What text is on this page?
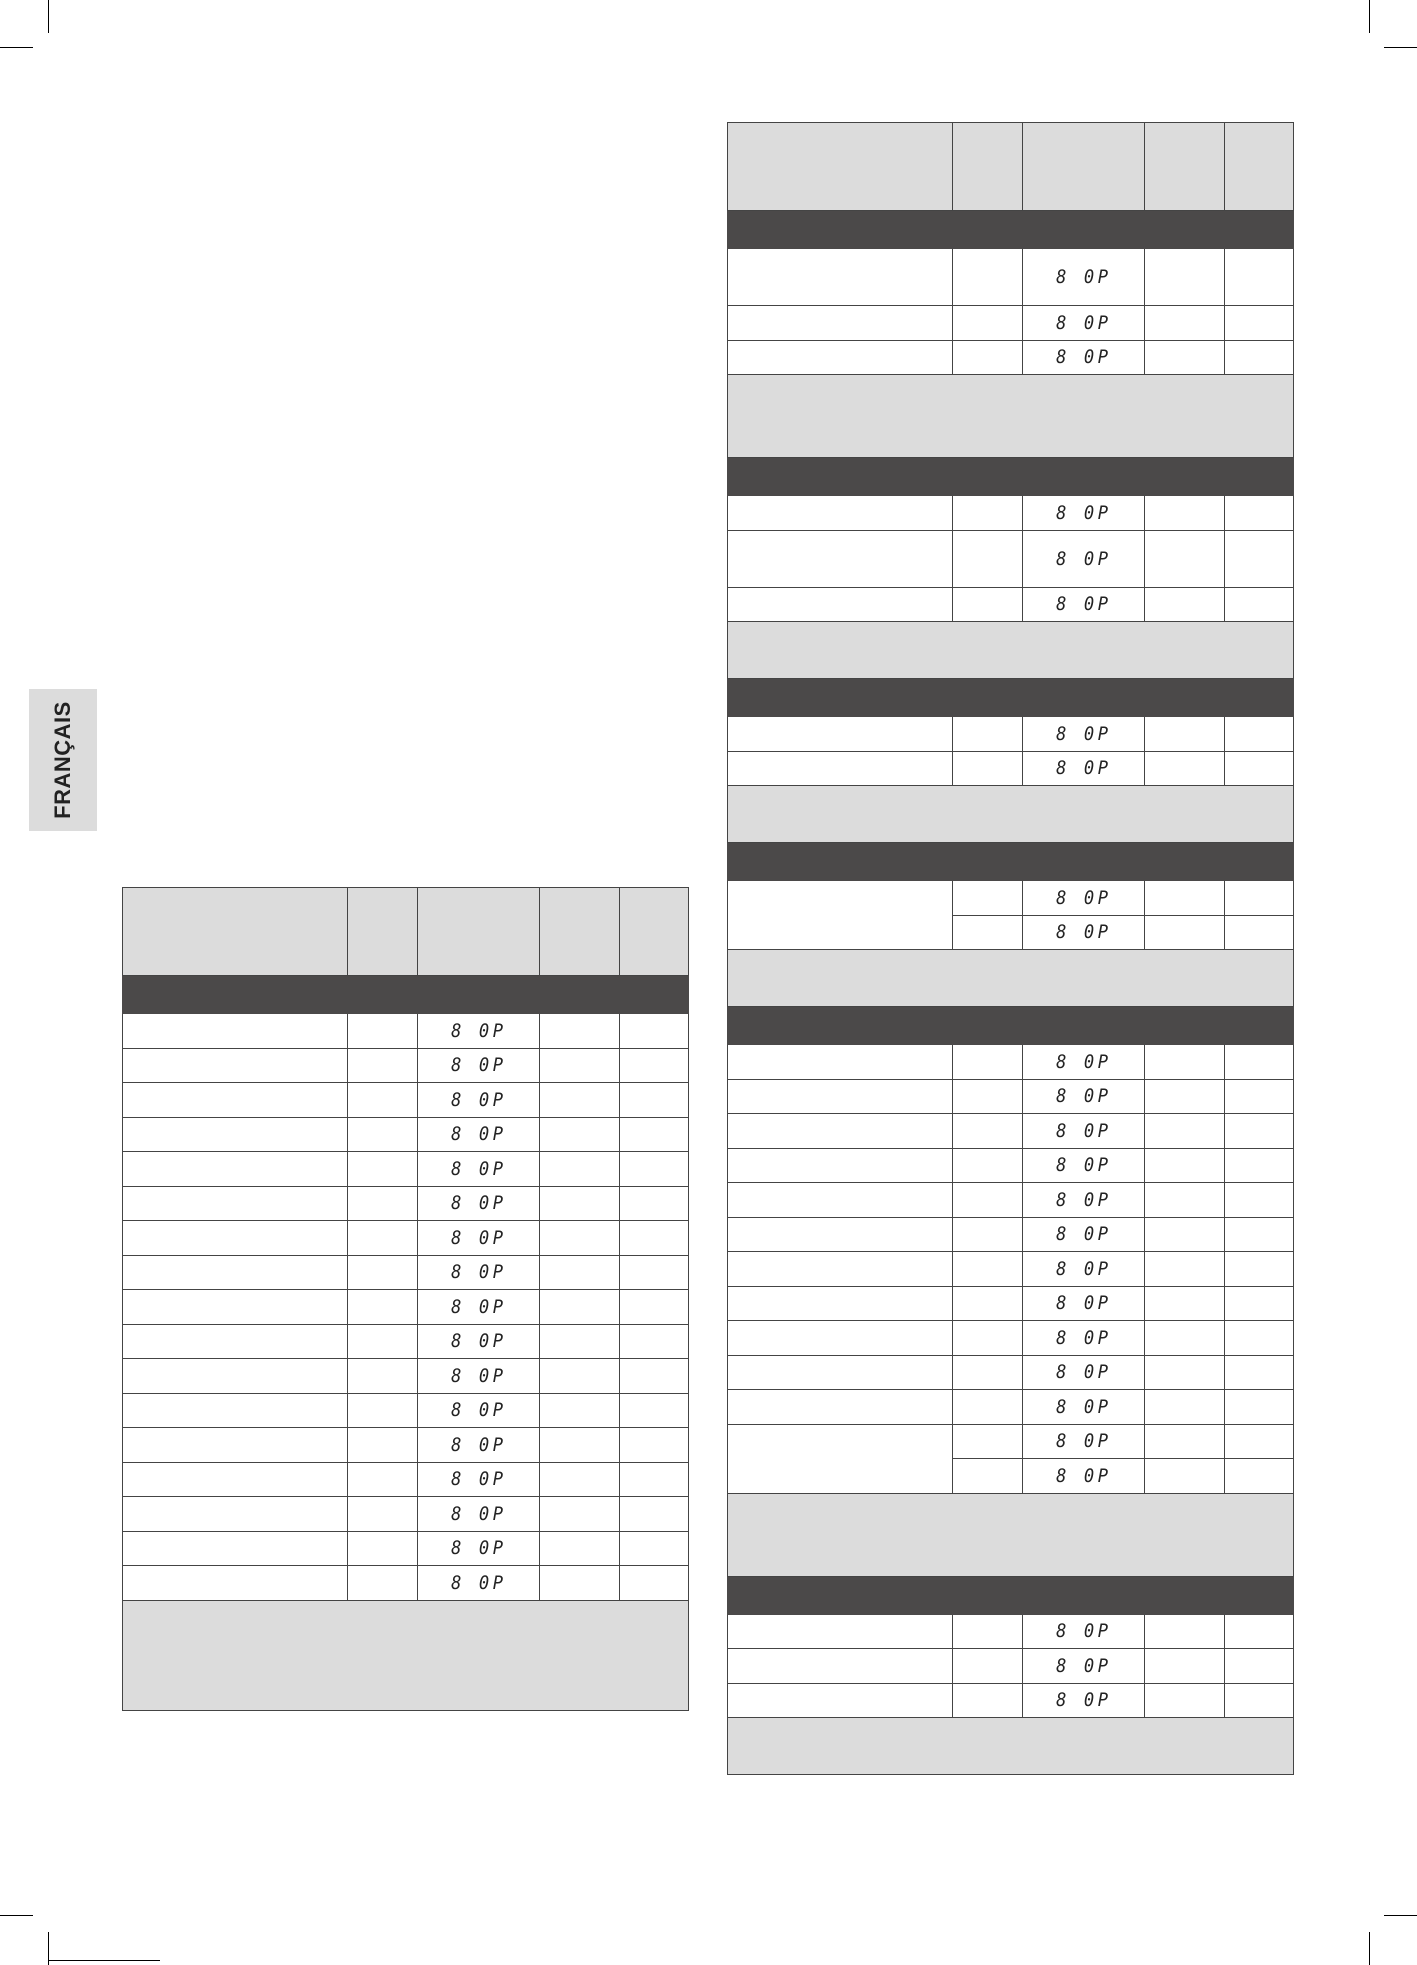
FRANÇAIS

		8 0P		
		8 0P		
		8 0P		
		8 0P		
		8 0P		
		8 0P		
		8 0P		
		8 0P		
		8 0P		
		8 0P		
		8 0P		
		8 0P		
		8 0P		
		8 0P		
		8 0P		
		8 0P		
		8 0P		

		8 0P		
		8 0P		
		8 0P		

		8 0P		
		8 0P		
		8 0P		

		8 0P		
		8 0P		

		8 0P		
		8 0P		

		8 0P		
		8 0P		
		8 0P		
		8 0P		
		8 0P		
		8 0P		
		8 0P		
		8 0P		
		8 0P		
		8 0P		
		8 0P		
		8 0P		
		8 0P		

		8 0P		
		8 0P		
		8 0P		
